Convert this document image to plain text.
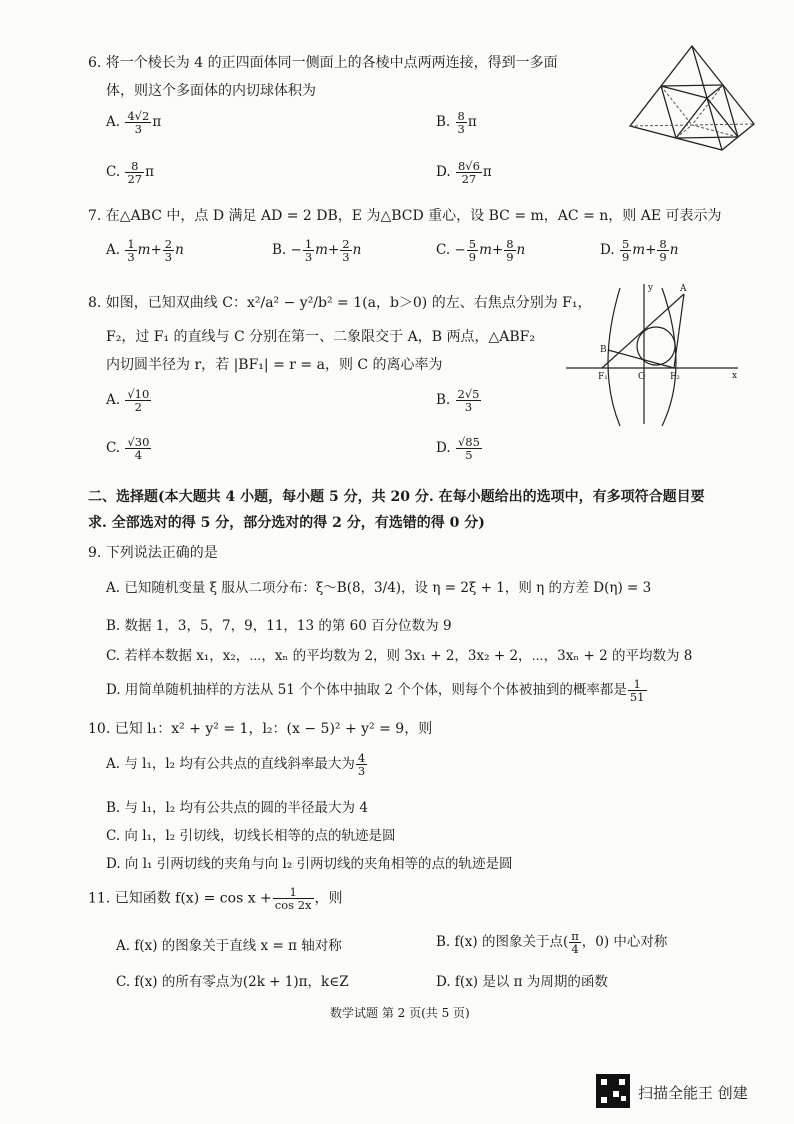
6. 将一个棱长为 4 的正四面体同一侧面上的各棱中点两两连接，得到一多面
体，则这个多面体的内切球体积为
A. $\frac{4√2}{3}$ π	B. $\frac{8}{3}$ π
C. $\frac{8}{27}$ π	D. $\frac{8√6}{27}$ π
7. 在△ABC 中，点 D 满足 AD = 2 DB，E 为△BCD 重心，设 BC = m，AC = n，则 AE 可表示为
A. $\frac{1}{3} m+ \frac{2}{3}$ n	B. − $\frac{1}{3} m+ \frac{2}{3}$ n	C. − $\frac{5}{9} m+ \frac{8}{9}$ n	D. $\frac{5}{9} m+ \frac{8}{9}$ n
8. 如图，已知双曲线 C：x²/a² − y²/b² = 1(a，b＞0) 的左、右焦点分别为 F₁，
F₂，过 F₁ 的直线与 C 分别在第一、二象限交于 A，B 两点，△ABF₂
内切圆半径为 r，若 |BF₁| = r = a，则 C 的离心率为
A. $\frac{√10}{2}$	B. $\frac{2√5}{3}$
C. $\frac{√30}{4}$	D. $\frac{√85}{5}$
A
B
F₁	O	F₂	x
y
二、选择题(本大题共 4 小题，每小题 5 分，共 20 分. 在每小题给出的选项中，有多项符合题目要
求. 全部选对的得 5 分，部分选对的得 2 分，有选错的得 0 分)
9. 下列说法正确的是
A. 已知随机变量 ξ 服从二项分布：ξ～B(8，3/4)，设 η = 2ξ + 1，则 η 的方差 D(η) = 3
B. 数据 1，3，5，7，9，11，13 的第 60 百分位数为 9
C. 若样本数据 x₁，x₂，⋯，xₙ 的平均数为 2，则 3x₁ + 2，3x₂ + 2，⋯，3xₙ + 2 的平均数为 8
D. 用简单随机抽样的方法从 51 个个体中抽取 2 个个体，则每个个体被抽到的概率都是 $\frac{1}{51}$
10. 已知 l₁：x² + y² = 1，l₂：(x − 5)² + y² = 9，则
A. 与 l₁，l₂ 均有公共点的直线斜率最大为 $\frac{4}{3}$
B. 与 l₁，l₂ 均有公共点的圆的半径最大为 4
C. 向 l₁，l₂ 引切线，切线长相等的点的轨迹是圆
D. 向 l₁ 引两切线的夹角与向 l₂ 引两切线的夹角相等的点的轨迹是圆
11. 已知函数 $f(x) = \cos x + \frac{1}{\cos 2x}$ ，则
A. f(x) 的图象关于直线 x = π 轴对称	B. f(x) 的图象关于点( $\frac{\pi}{4}$ ，0) 中心对称
C. f(x) 的所有零点为(2k + 1)π，k∈Z	D. f(x) 是以 π 为周期的函数
数学试题 第 2 页(共 5 页)
扫描全能王 创建
